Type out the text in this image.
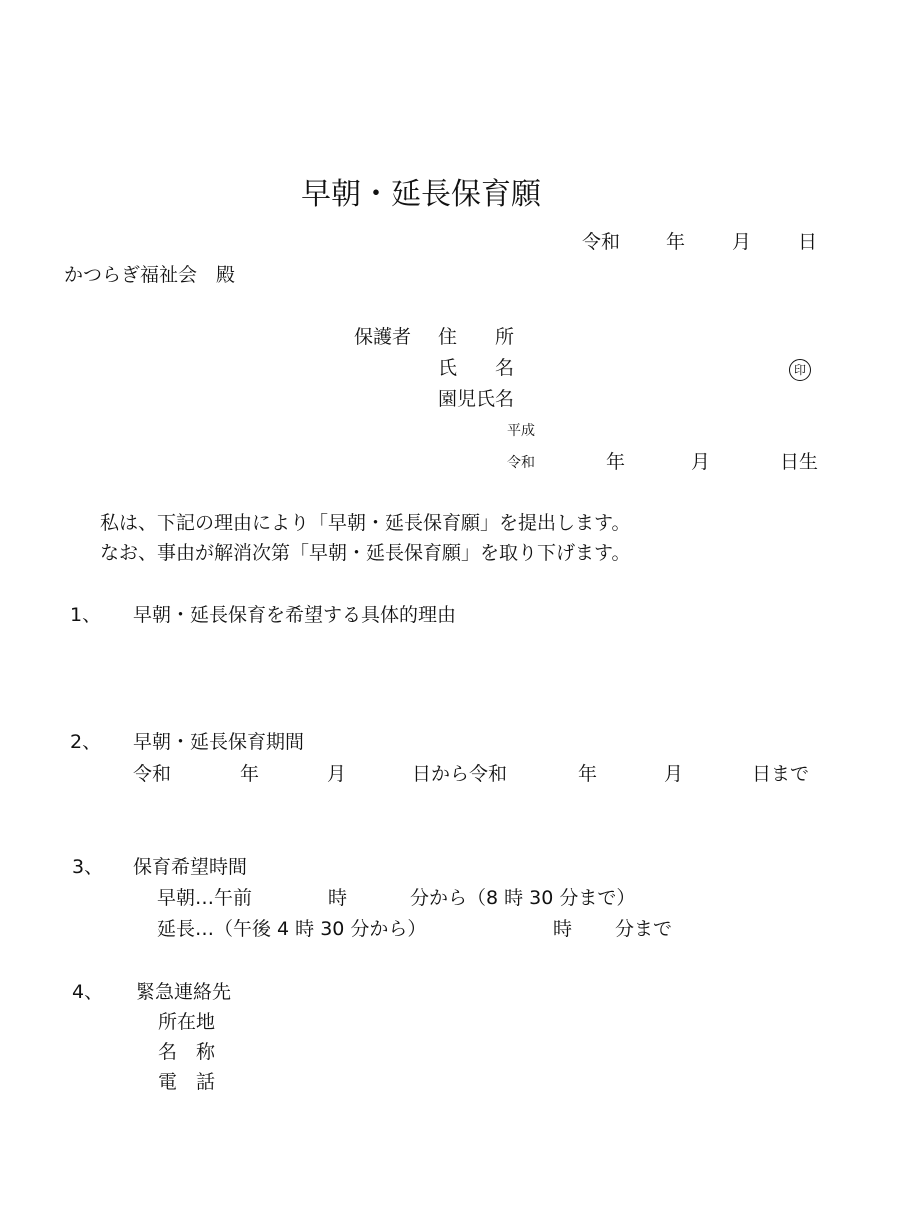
早朝・延長保育願
令和 年 月 日
かつらぎ福祉会　殿
保護者 住　　所
氏　　名	印
園児氏名
平成
令和	年	月	日生
私は、下記の理由により「早朝・延長保育願」を提出します。
なお、事由が解消次第「早朝・延長保育願」を取り下げます。
1、 早朝・延長保育を希望する具体的理由
2、 早朝・延長保育期間
令和	年	月	日から令和	年	月	日まで
3、 保育希望時間
早朝…午前	時	分から（8 時 30 分まで）
延長…（午後 4 時 30 分から）	時 分まで
4、 緊急連絡先
所在地
名　称
電　話
